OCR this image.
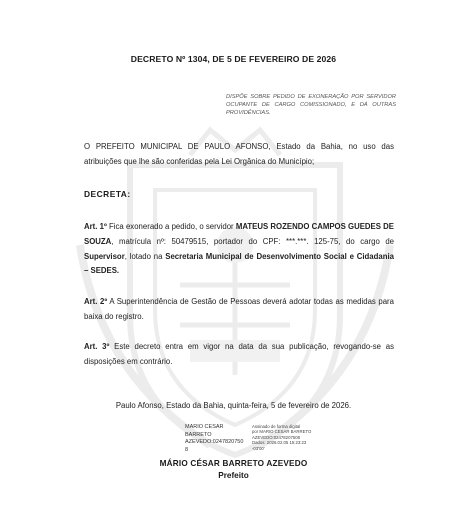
DECRETO Nº 1304, DE 5 DE FEVEREIRO DE 2026
DISPÕE SOBRE PEDIDO DE EXONERAÇÃO POR SERVIDOR OCUPANTE DE CARGO COMISSIONADO, E DÁ OUTRAS PROVIDÊNCIAS.
O PREFEITO MUNICIPAL DE PAULO AFONSO, Estado da Bahia, no uso das atribuições que lhe são conferidas pela Lei Orgânica do Município;
DECRETA:
Art. 1º Fica exonerado a pedido, o servidor MATEUS ROZENDO CAMPOS GUEDES DE SOUZA, matrícula nº: 50479515, portador do CPF: ***.***. 125-75, do cargo de Supervisor, lotado na Secretaria Municipal de Desenvolvimento Social e Cidadania – SEDES.
Art. 2º A Superintendência de Gestão de Pessoas deverá adotar todas as medidas para baixa do registro.
Art. 3º Este decreto entra em vigor na data da sua publicação, revogando-se as disposições em contrário.
Paulo Afonso, Estado da Bahia, quinta-feira, 5 de fevereiro de 2026.
MARIO CESAR
BARRETO
AZEVEDO:0247820750
8
Assinado de forma digital
por MARIO CESAR BARRETO
AZEVEDO:02478207508
Dados: 2026.02.05 15:23:23
-03'00'
MÁRIO CÉSAR BARRETO AZEVEDO
Prefeito
